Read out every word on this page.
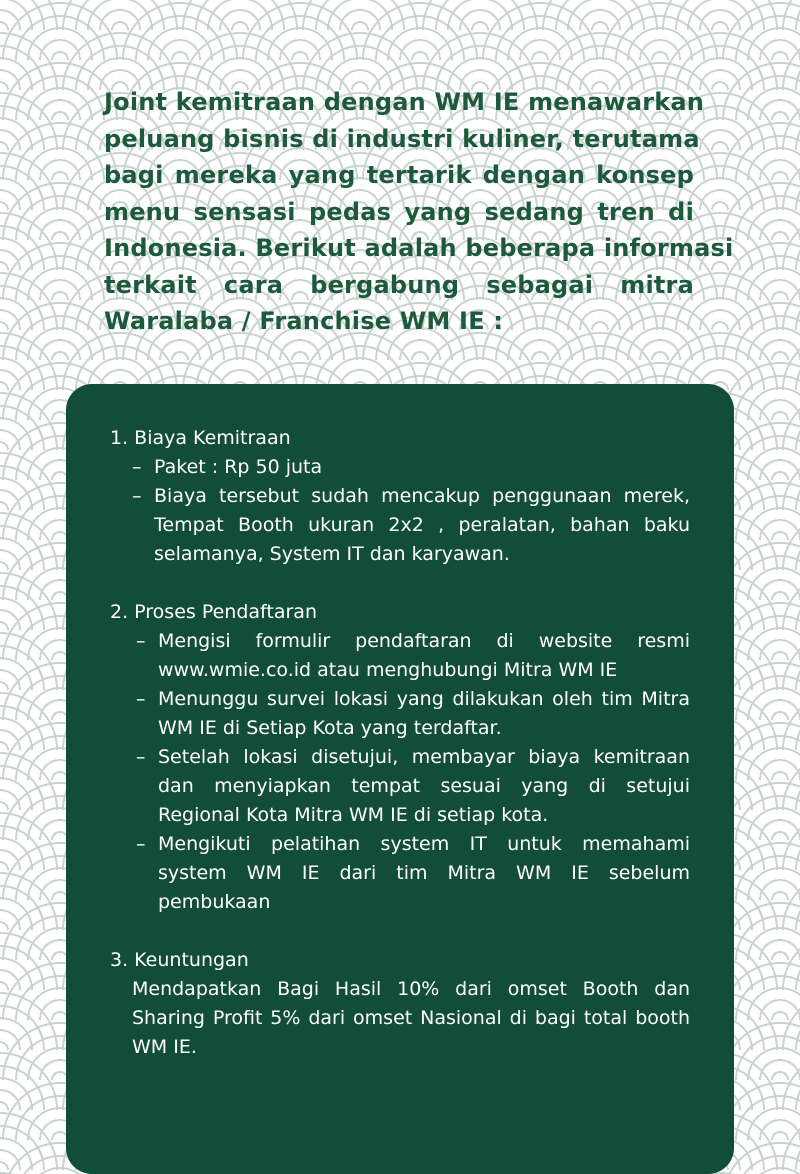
Joint kemitraan dengan WM IE menawarkan
peluang bisnis di industri kuliner, terutama
bagi mereka yang tertarik dengan konsep
menu sensasi pedas yang sedang tren di
Indonesia. Berikut adalah beberapa informasi
terkait cara bergabung sebagai mitra
Waralaba / Franchise WM IE :
1. Biaya Kemitraan
– Paket : Rp 50 juta
– Biaya tersebut sudah mencakup penggunaan merek, Tempat Booth ukuran 2x2 , peralatan, bahan baku selamanya, System IT dan karyawan.
2. Proses Pendaftaran
– Mengisi formulir pendaftaran di website resmi www.wmie.co.id atau menghubungi Mitra WM IE
– Menunggu survei lokasi yang dilakukan oleh tim Mitra WM IE di Setiap Kota yang terdaftar.
– Setelah lokasi disetujui, membayar biaya kemitraan dan menyiapkan tempat sesuai yang di setujui Regional Kota Mitra WM IE di setiap kota.
– Mengikuti pelatihan system IT untuk memahami system WM IE dari tim Mitra WM IE sebelum pembukaan
3. Keuntungan
Mendapatkan Bagi Hasil 10% dari omset Booth dan Sharing Profit 5% dari omset Nasional di bagi total booth WM IE.
